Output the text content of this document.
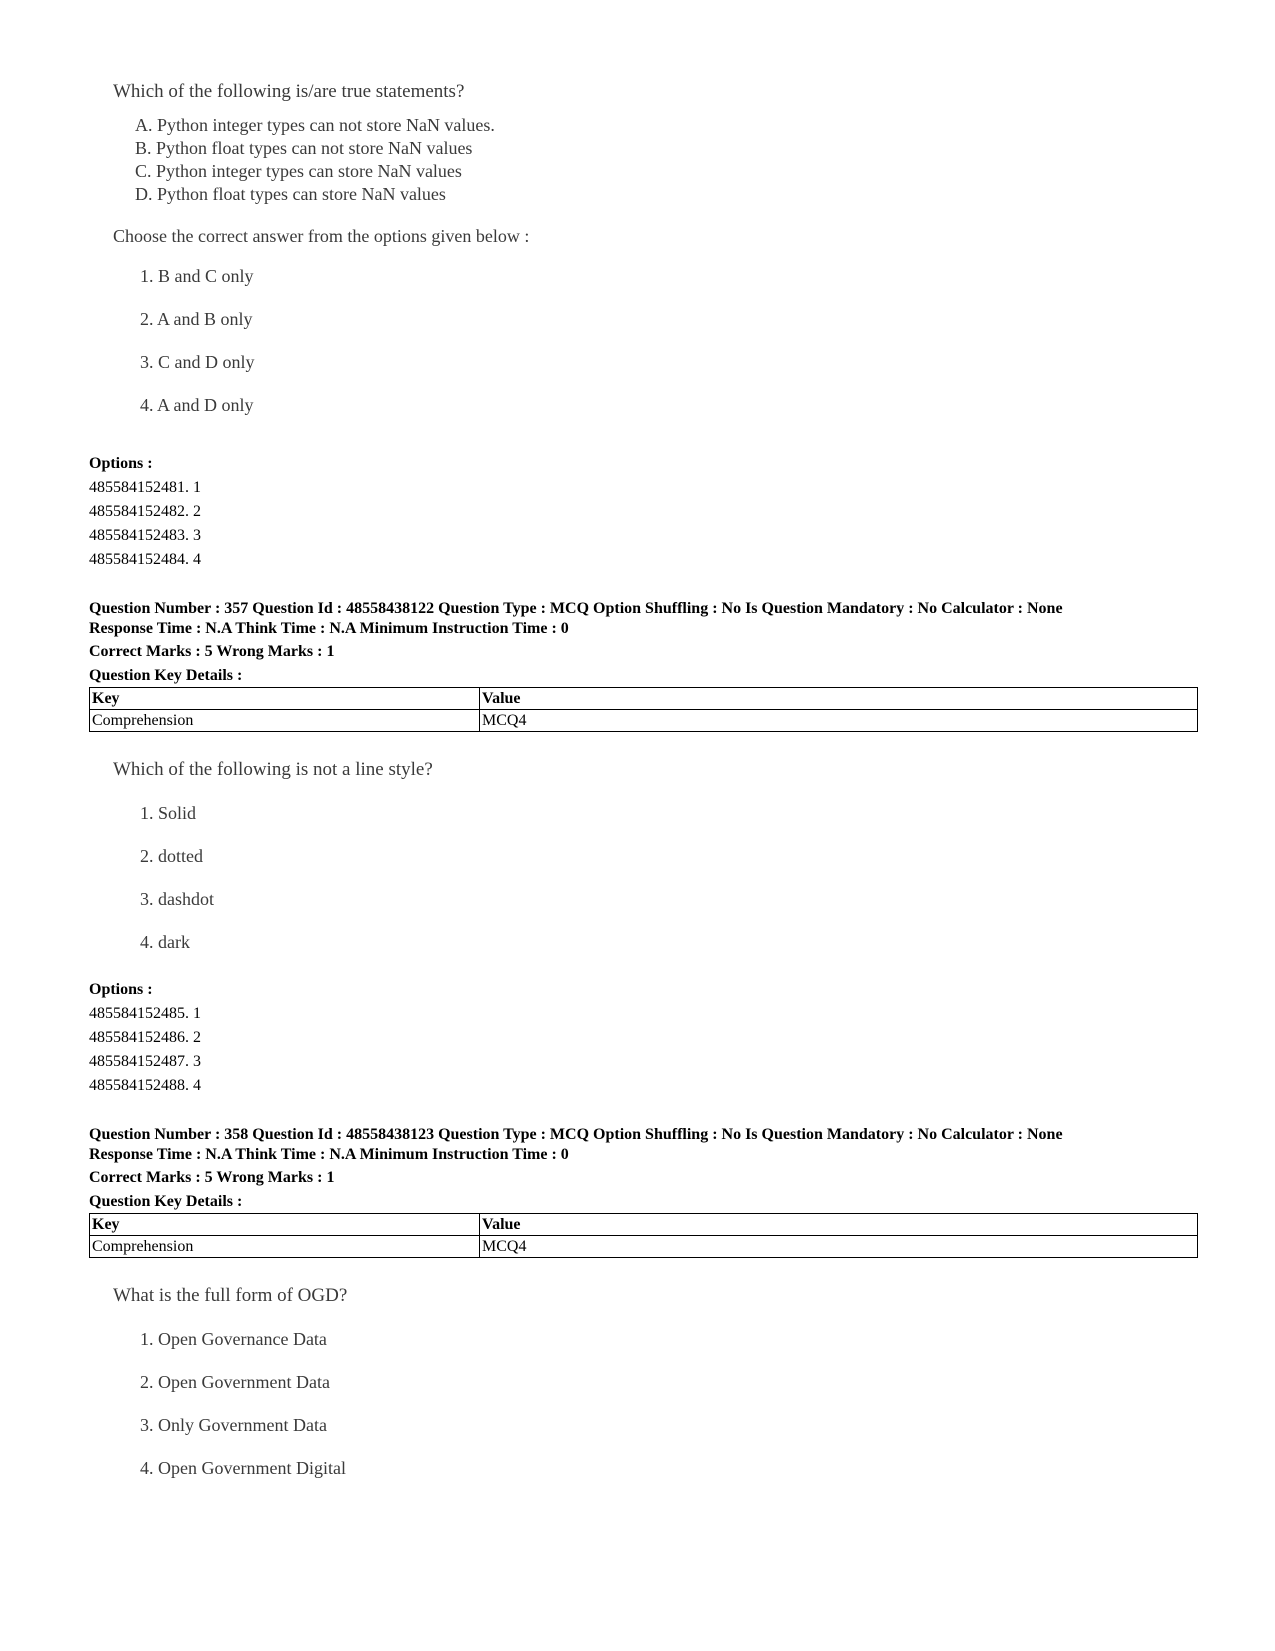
Which of the following is/are true statements?

A. Python integer types can not store NaN values.
B. Python float types can not store NaN values
C. Python integer types can store NaN values
D. Python float types can store NaN values
Choose the correct answer from the options given below :
1. B and C only
2. A and B only
3. C and D only
4. A and D only
Options :
485584152481. 1
485584152482. 2
485584152483. 3
485584152484. 4
Question Number : 357 Question Id : 48558438122 Question Type : MCQ Option Shuffling : No Is Question Mandatory : No Calculator : None
Response Time : N.A Think Time : N.A Minimum Instruction Time : 0
Correct Marks : 5 Wrong Marks : 1
Question Key Details :
Key	Value
Comprehension	MCQ4

Which of the following is not a line style?

1. Solid
2. dotted
3. dashdot
4. dark
Options :
485584152485. 1
485584152486. 2
485584152487. 3
485584152488. 4
Question Number : 358 Question Id : 48558438123 Question Type : MCQ Option Shuffling : No Is Question Mandatory : No Calculator : None
Response Time : N.A Think Time : N.A Minimum Instruction Time : 0
Correct Marks : 5 Wrong Marks : 1
Question Key Details :
Key	Value
Comprehension	MCQ4

What is the full form of OGD?

1. Open Governance Data
2. Open Government Data
3. Only Government Data
4. Open Government Digital
